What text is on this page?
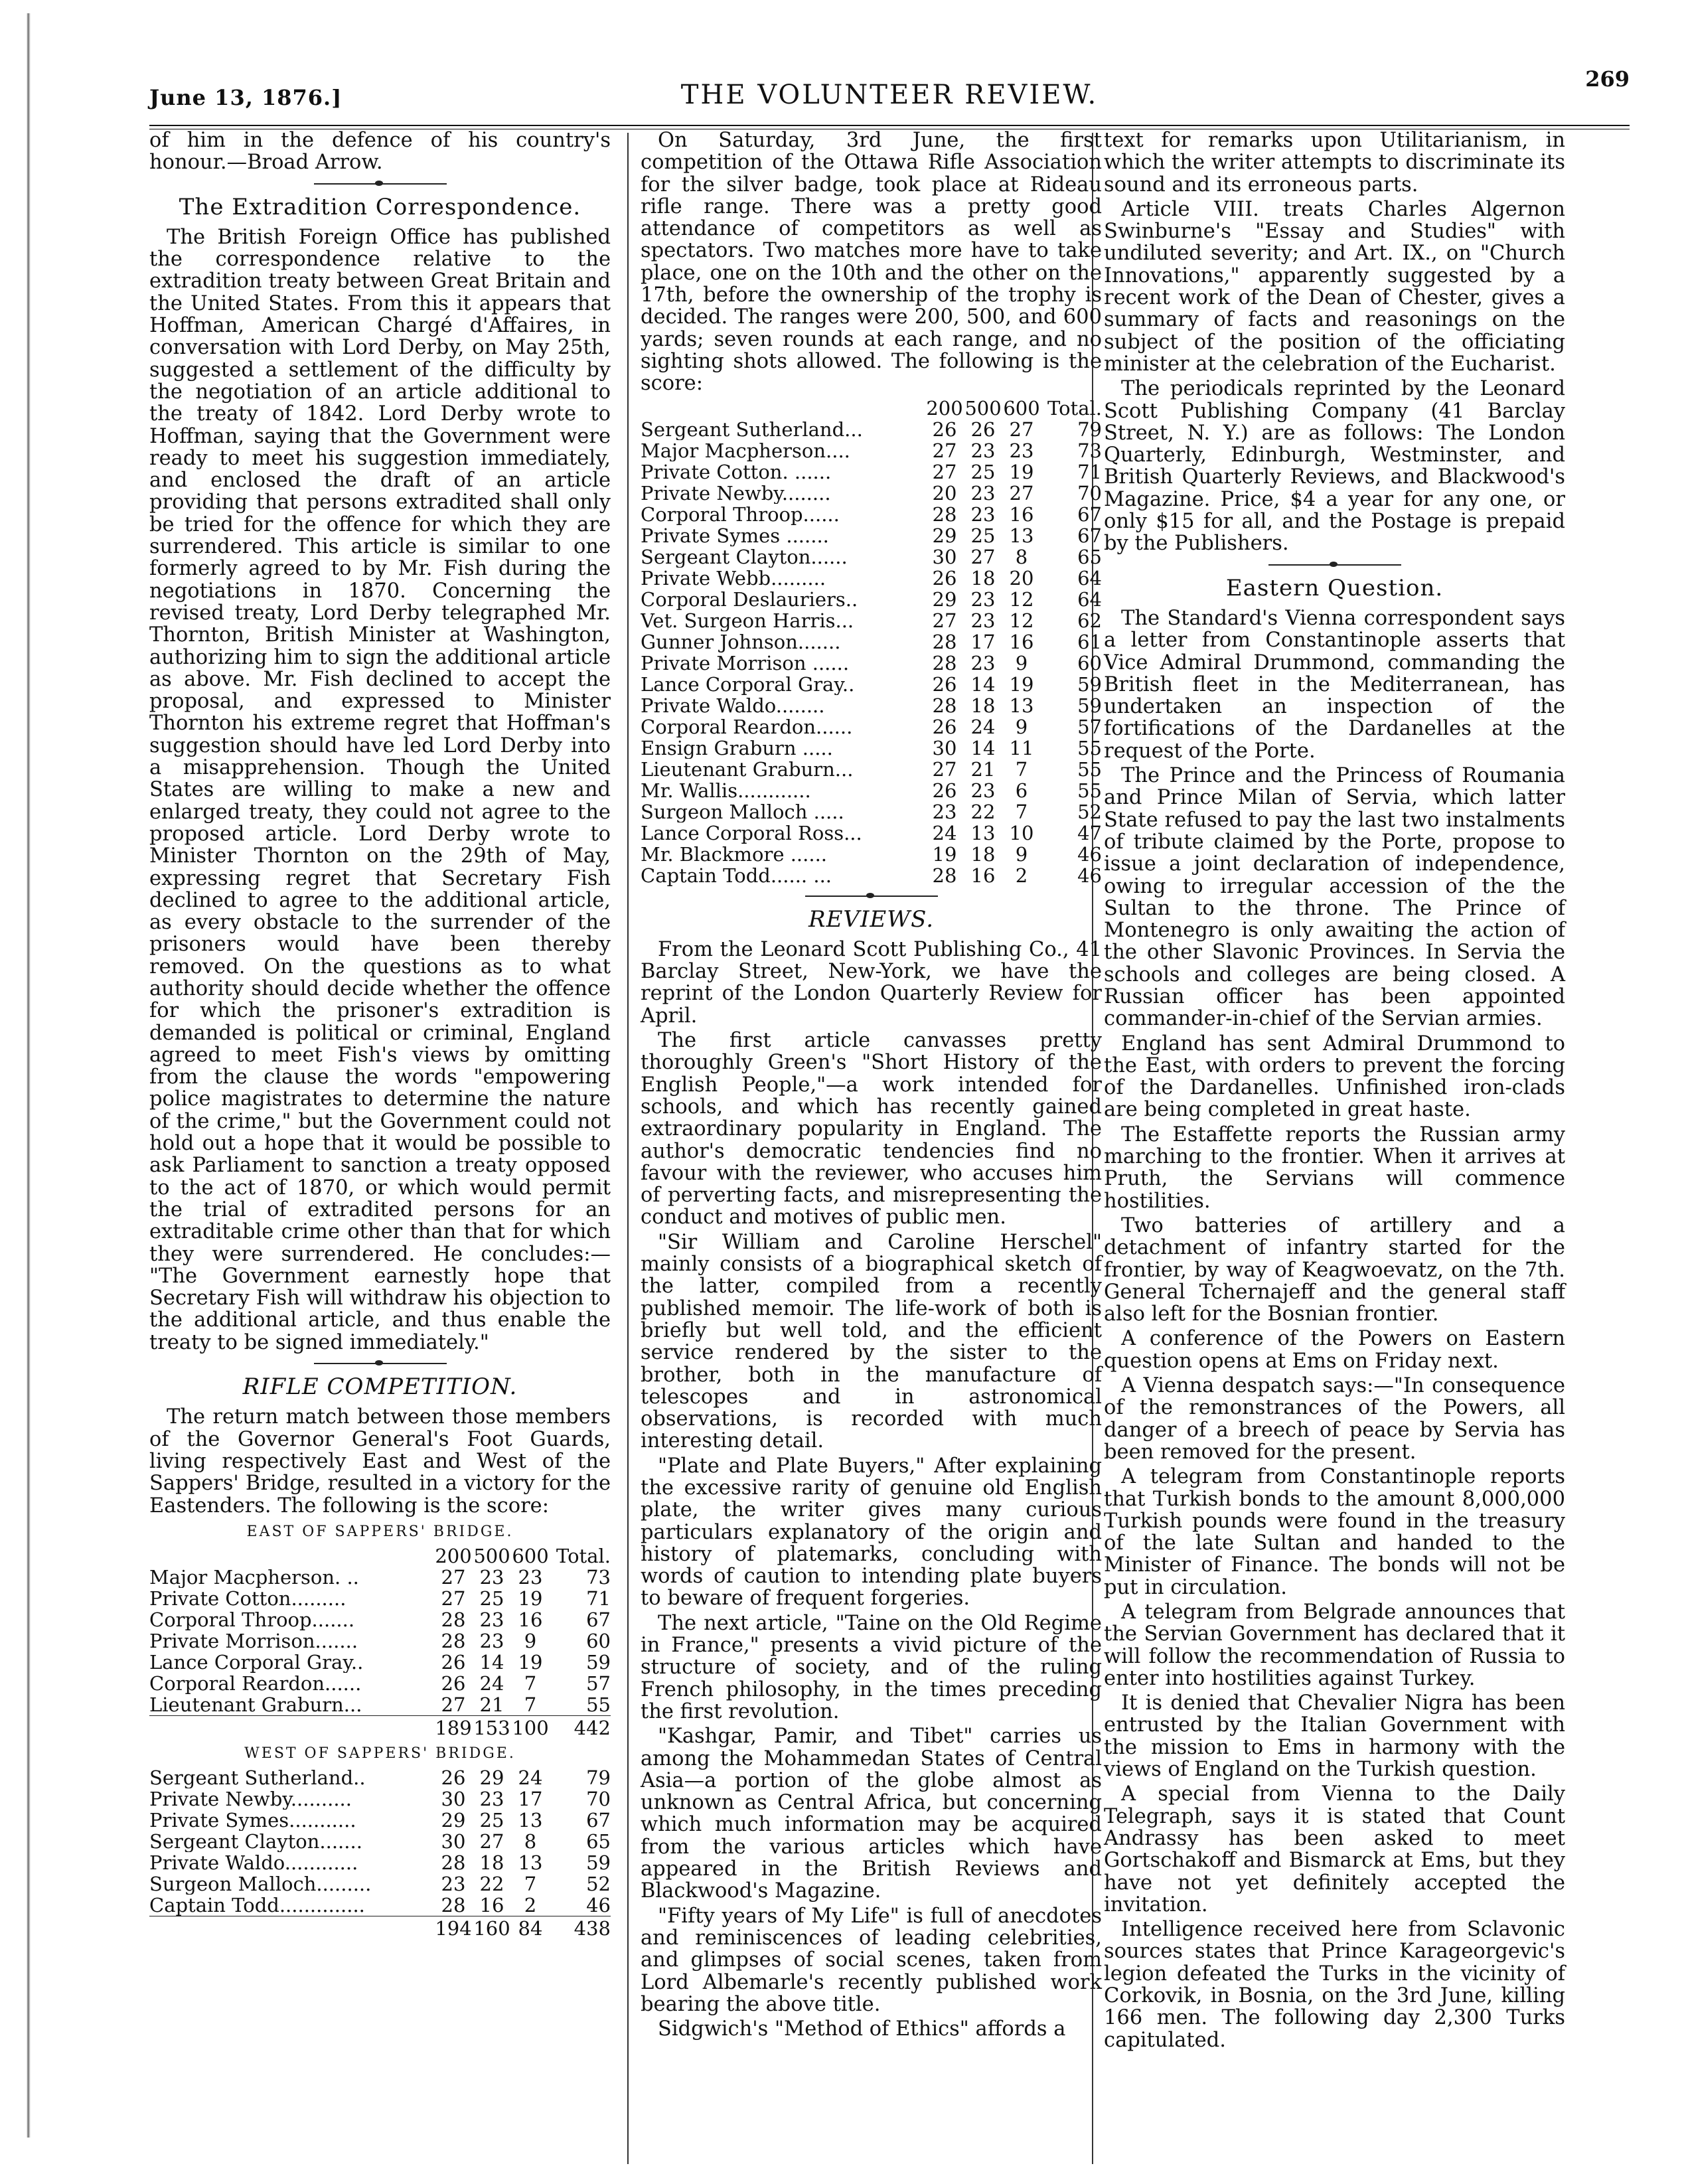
June 13, 1876.]	THE VOLUNTEER REVIEW.
269

of him in the defence of his country's honour.—Broad Arrow.

The Extradition Correspondence.

The British Foreign Office has published the correspondence relative to the extradition treaty between Great Britain and the United States. From this it appears that Hoffman, American Chargé d'Affaires, in conversation with Lord Derby, on May 25th, suggested a settlement of the difficulty by the negotiation of an article additional to the treaty of 1842. Lord Derby wrote to Hoffman, saying that the Government were ready to meet his suggestion immediately, and enclosed the draft of an article providing that persons extradited shall only be tried for the offence for which they are surrendered. This article is similar to one formerly agreed to by Mr. Fish during the negotiations in 1870. Concerning the revised treaty, Lord Derby telegraphed Mr. Thornton, British Minister at Washington, authorizing him to sign the additional article as above. Mr. Fish declined to accept the proposal, and expressed to Minister Thornton his extreme regret that Hoffman's suggestion should have led Lord Derby into a misapprehension. Though the United States are willing to make a new and enlarged treaty, they could not agree to the proposed article. Lord Derby wrote to Minister Thornton on the 29th of May, expressing regret that Secretary Fish declined to agree to the additional article, as every obstacle to the surrender of the prisoners would have been thereby removed. On the questions as to what authority should decide whether the offence for which the prisoner's extradition is demanded is political or criminal, England agreed to meet Fish's views by omitting from the clause the words "empowering police magistrates to determine the nature of the crime," but the Government could not hold out a hope that it would be possible to ask Parliament to sanction a treaty opposed to the act of 1870, or which would permit the trial of extradited persons for an extraditable crime other than that for which they were surrendered. He concludes:— "The Government earnestly hope that Secretary Fish will withdraw his objection to the additional article, and thus enable the treaty to be signed immediately."

RIFLE COMPETITION.

The return match between those members of the Governor General's Foot Guards, living respectively East and West of the Sappers' Bridge, resulted in a victory for the Eastenders. The following is the score:

EAST OF SAPPERS' BRIDGE.
	200	500	600	Total.
Major Macpherson. ..	27	23	23	73
Private Cotton.........	27	25	19	71
Corporal Throop.......	28	23	16	67
Private Morrison.......	28	23	9	60
Lance Corporal Gray..	26	14	19	59
Corporal Reardon......	26	24	7	57
Lieutenant Graburn...	27	21	7	55
	189	153	100	442
WEST OF SAPPERS' BRIDGE.
Sergeant Sutherland..	26	29	24	79
Private Newby..........	30	23	17	70
Private Symes...........	29	25	13	67
Sergeant Clayton.......	30	27	8	65
Private Waldo............	28	18	13	59
Surgeon Malloch.........	23	22	7	52
Captain Todd..............	28	16	2	46
	194	160	84	438

On Saturday, 3rd June, the first competition of the Ottawa Rifle Association for the silver badge, took place at Rideau rifle range. There was a pretty good attendance of competitors as well as spectators. Two matches more have to take place, one on the 10th and the other on the 17th, before the ownership of the trophy is decided. The ranges were 200, 500, and 600 yards; seven rounds at each range, and no sighting shots allowed. The following is the score:

	200	500	600	Total.
Sergeant Sutherland...	26	26	27	79
Major Macpherson....	27	23	23	73
Private Cotton. ......	27	25	19	71
Private Newby........	20	23	27	70
Corporal Throop......	28	23	16	67
Private Symes .......	29	25	13	67
Sergeant Clayton......	30	27	8	65
Private Webb.........	26	18	20	64
Corporal Deslauriers..	29	23	12	64
Vet. Surgeon Harris...	27	23	12	62
Gunner Johnson.......	28	17	16	61
Private Morrison ......	28	23	9	60
Lance Corporal Gray..	26	14	19	59
Private Waldo........	28	18	13	59
Corporal Reardon......	26	24	9	57
Ensign Graburn .....	30	14	11	55
Lieutenant Graburn...	27	21	7	55
Mr. Wallis............	26	23	6	55
Surgeon Malloch .....	23	22	7	52
Lance Corporal Ross...	24	13	10	47
Mr. Blackmore ......	19	18	9	46
Captain Todd...... ...	28	16	2	46
REVIEWS.

From the Leonard Scott Publishing Co., 41 Barclay Street, New-York, we have the reprint of the London Quarterly Review for April.

The first article canvasses pretty thoroughly Green's "Short History of the English People,"—a work intended for schools, and which has recently gained extraordinary popularity in England. The author's democratic tendencies find no favour with the reviewer, who accuses him of perverting facts, and misrepresenting the conduct and motives of public men.

"Sir William and Caroline Herschel" mainly consists of a biographical sketch of the latter, compiled from a recently published memoir. The life-work of both is briefly but well told, and the efficient service rendered by the sister to the brother, both in the manufacture of telescopes and in astronomical observations, is recorded with much interesting detail.

"Plate and Plate Buyers," After explaining the excessive rarity of genuine old English plate, the writer gives many curious particulars explanatory of the origin and history of platemarks, concluding with words of caution to intending plate buyers to beware of frequent forgeries.

The next article, "Taine on the Old Regime in France," presents a vivid picture of the structure of society, and of the ruling French philosophy, in the times preceding the first revolution.

"Kashgar, Pamir, and Tibet" carries us among the Mohammedan States of Central Asia—a portion of the globe almost as unknown as Central Africa, but concerning which much information may be acquired from the various articles which have appeared in the British Reviews and Blackwood's Magazine.

"Fifty years of My Life" is full of anecdotes and reminiscences of leading celebrities, and glimpses of social scenes, taken from Lord Albemarle's recently published work bearing the above title.

Sidgwich's "Method of Ethics" affords a

text for remarks upon Utilitarianism, in which the writer attempts to discriminate its sound and its erroneous parts.

Article VIII. treats Charles Algernon Swinburne's "Essay and Studies" with undiluted severity; and Art. IX., on "Church Innovations," apparently suggested by a recent work of the Dean of Chester, gives a summary of facts and reasonings on the subject of the position of the officiating minister at the celebration of the Eucharist.

The periodicals reprinted by the Leonard Scott Publishing Company (41 Barclay Street, N. Y.) are as follows: The London Quarterly, Edinburgh, Westminster, and British Quarterly Reviews, and Blackwood's Magazine. Price, $4 a year for any one, or only $15 for all, and the Postage is prepaid by the Publishers.

Eastern Question.

The Standard's Vienna correspondent says a letter from Constantinople asserts that Vice Admiral Drummond, commanding the British fleet in the Mediterranean, has undertaken an inspection of the fortifications of the Dardanelles at the request of the Porte.

The Prince and the Princess of Roumania and Prince Milan of Servia, which latter State refused to pay the last two instalments of tribute claimed by the Porte, propose to issue a joint declaration of independence, owing to irregular accession of the the Sultan to the throne. The Prince of Montenegro is only awaiting the action of the other Slavonic Provinces. In Servia the schools and colleges are being closed. A Russian officer has been appointed commander-in-chief of the Servian armies.

England has sent Admiral Drummond to the East, with orders to prevent the forcing of the Dardanelles. Unfinished iron-clads are being completed in great haste.

The Estaffette reports the Russian army marching to the frontier. When it arrives at Pruth, the Servians will commence hostilities.

Two batteries of artillery and a detachment of infantry started for the frontier, by way of Keagwoevatz, on the 7th. General Tchernajeff and the general staff also left for the Bosnian frontier.

A conference of the Powers on Eastern question opens at Ems on Friday next.

A Vienna despatch says:—"In consequence of the remonstrances of the Powers, all danger of a breech of peace by Servia has been removed for the present.

A telegram from Constantinople reports that Turkish bonds to the amount 8,000,000 Turkish pounds were found in the treasury of the late Sultan and handed to the Minister of Finance. The bonds will not be put in circulation.

A telegram from Belgrade announces that the Servian Government has declared that it will follow the recommendation of Russia to enter into hostilities against Turkey.

It is denied that Chevalier Nigra has been entrusted by the Italian Government with the mission to Ems in harmony with the views of England on the Turkish question.

A special from Vienna to the Daily Telegraph, says it is stated that Count Andrassy has been asked to meet Gortschakoff and Bismarck at Ems, but they have not yet definitely accepted the invitation.

Intelligence received here from Sclavonic sources states that Prince Karageorgevic's legion defeated the Turks in the vicinity of Corkovik, in Bosnia, on the 3rd June, killing 166 men. The following day 2,300 Turks capitulated.
